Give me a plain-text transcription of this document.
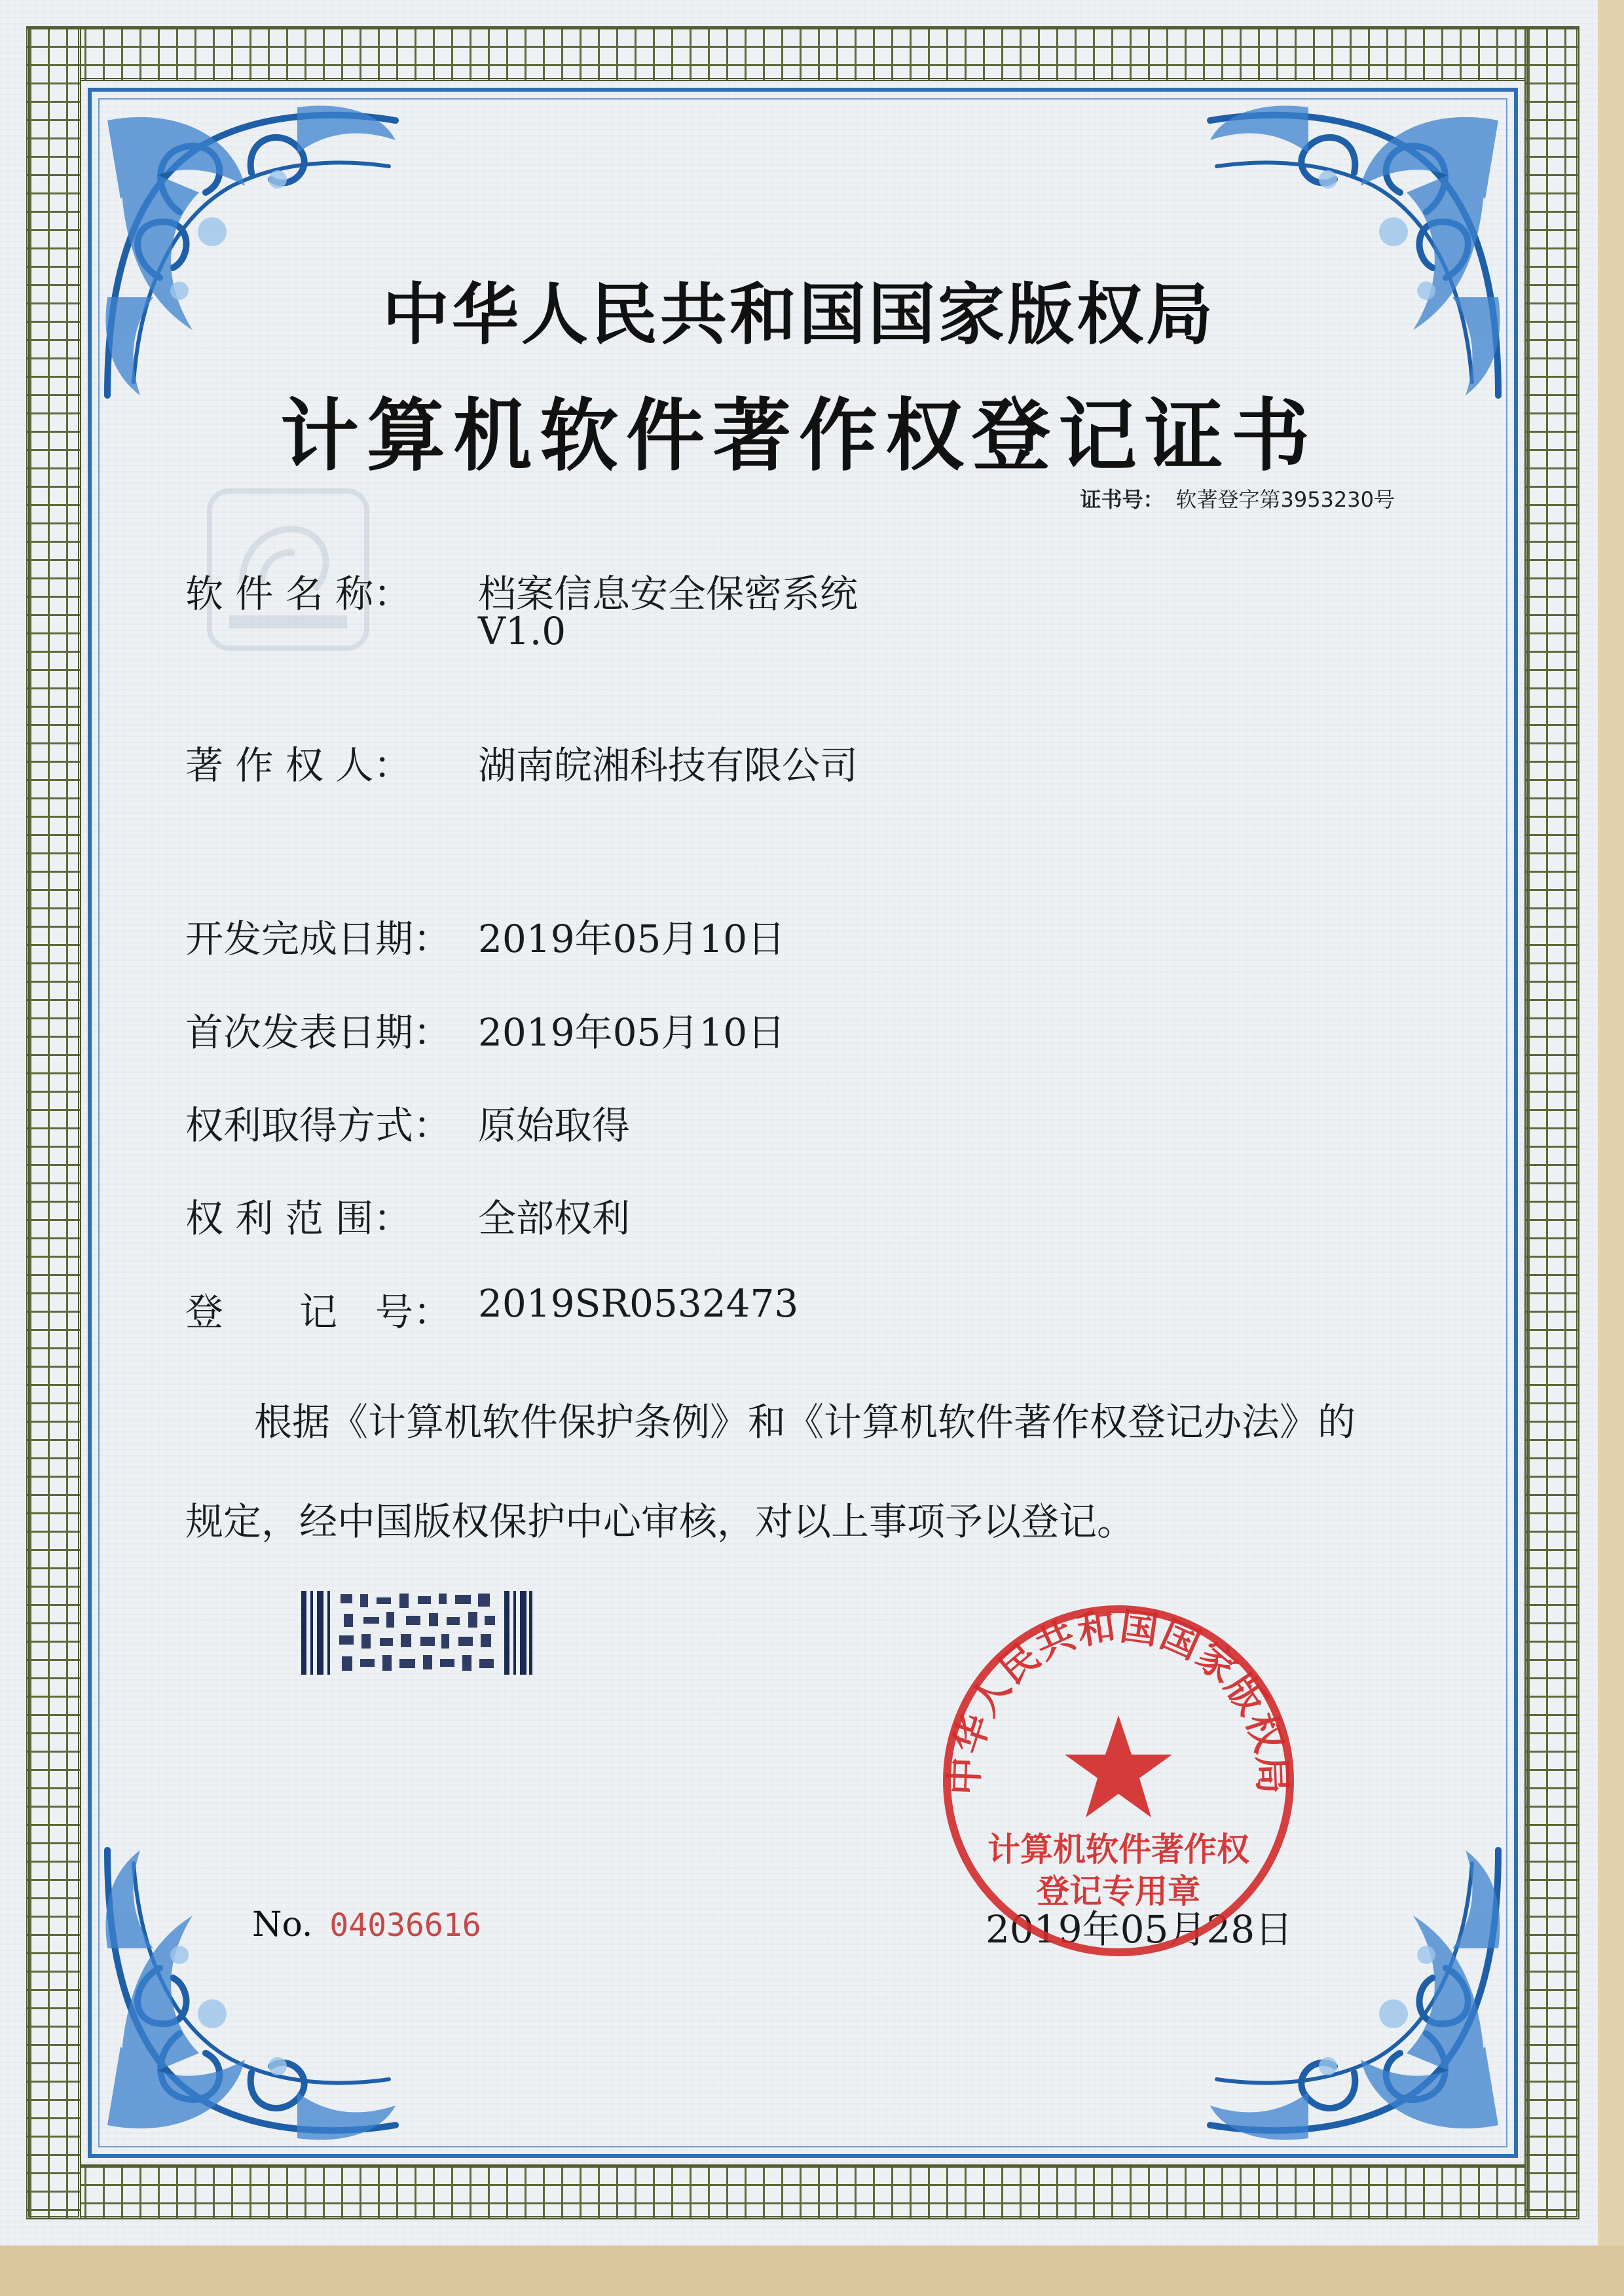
中华人民共和国国家版权局
计算机软件著作权登记证书
证书号： 软著登字第3953230号
软 件 名 称： 档案信息安全保密系统
V1.0
著 作 权 人： 湖南皖湘科技有限公司
开发完成日期： 2019年05月10日
首次发表日期： 2019年05月10日
权利取得方式： 原始取得
权 利 范 围： 全部权利
登　　记　号： 2019SR0532473
根据《计算机软件保护条例》和《计算机软件著作权登记办法》的
规定，经中国版权保护中心审核，对以上事项予以登记。
No. 04036616	2019年05月28日
中华人民共和国国家版权局
计算机软件著作权
登记专用章
